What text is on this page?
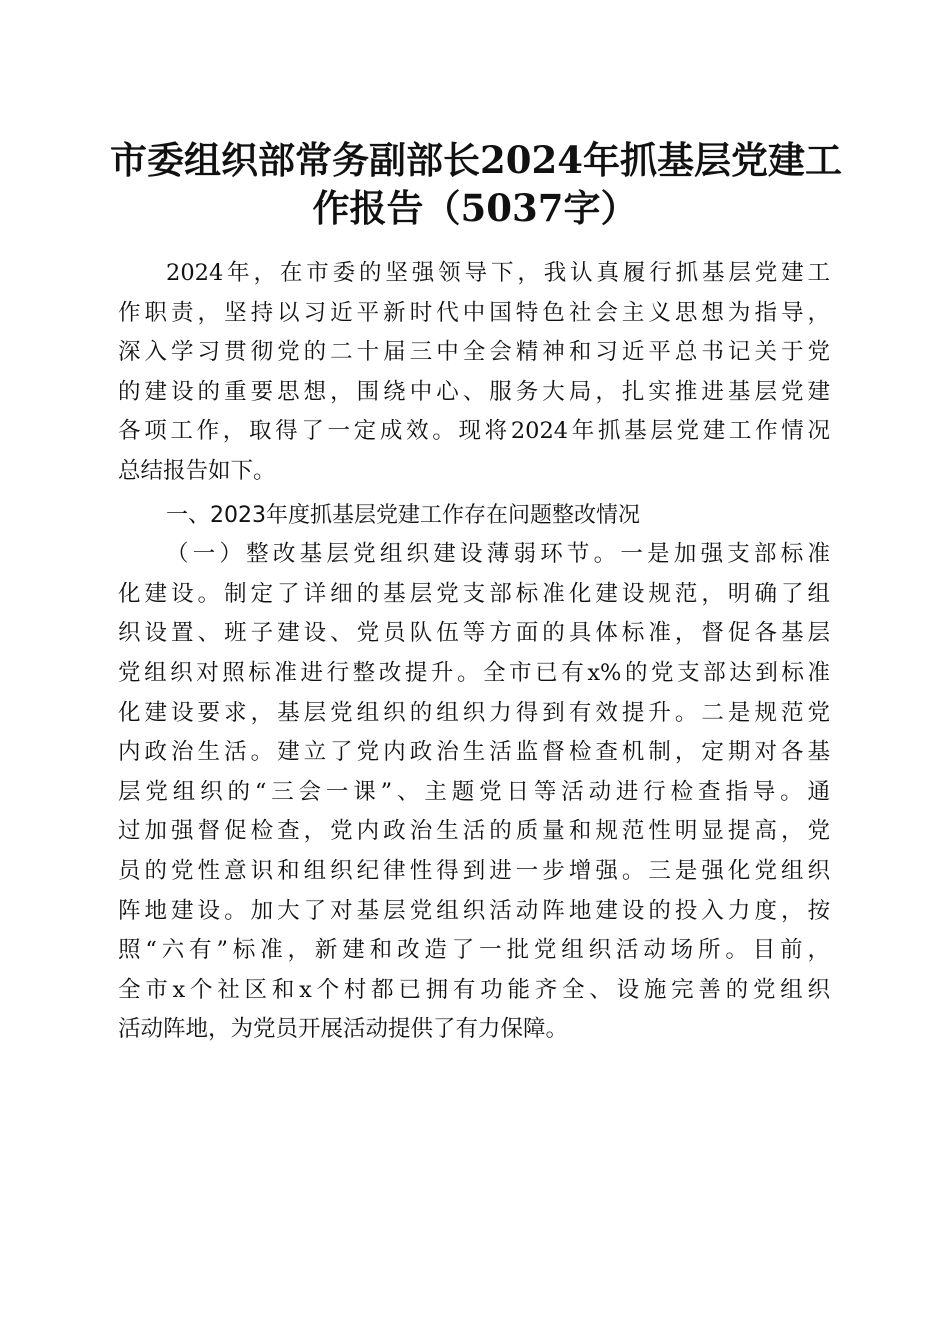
市委组织部常务副部长2024年抓基层党建工
作报告（5037字）
2024年，在市委的坚强领导下，我认真履行抓基层党建工
作职责，坚持以习近平新时代中国特色社会主义思想为指导，
深入学习贯彻党的二十届三中全会精神和习近平总书记关于党
的建设的重要思想，围绕中心、服务大局，扎实推进基层党建
各项工作，取得了一定成效。现将2024年抓基层党建工作情况
总结报告如下。
一、2023年度抓基层党建工作存在问题整改情况
（一）整改基层党组织建设薄弱环节。一是加强支部标准
化建设。制定了详细的基层党支部标准化建设规范，明确了组
织设置、班子建设、党员队伍等方面的具体标准，督促各基层
党组织对照标准进行整改提升。全市已有x%的党支部达到标准
化建设要求，基层党组织的组织力得到有效提升。二是规范党
内政治生活。建立了党内政治生活监督检查机制，定期对各基
层党组织的“三会一课”、主题党日等活动进行检查指导。通
过加强督促检查，党内政治生活的质量和规范性明显提高，党
员的党性意识和组织纪律性得到进一步增强。三是强化党组织
阵地建设。加大了对基层党组织活动阵地建设的投入力度，按
照“六有”标准，新建和改造了一批党组织活动场所。目前，
全市x个社区和x个村都已拥有功能齐全、设施完善的党组织
活动阵地，为党员开展活动提供了有力保障。
